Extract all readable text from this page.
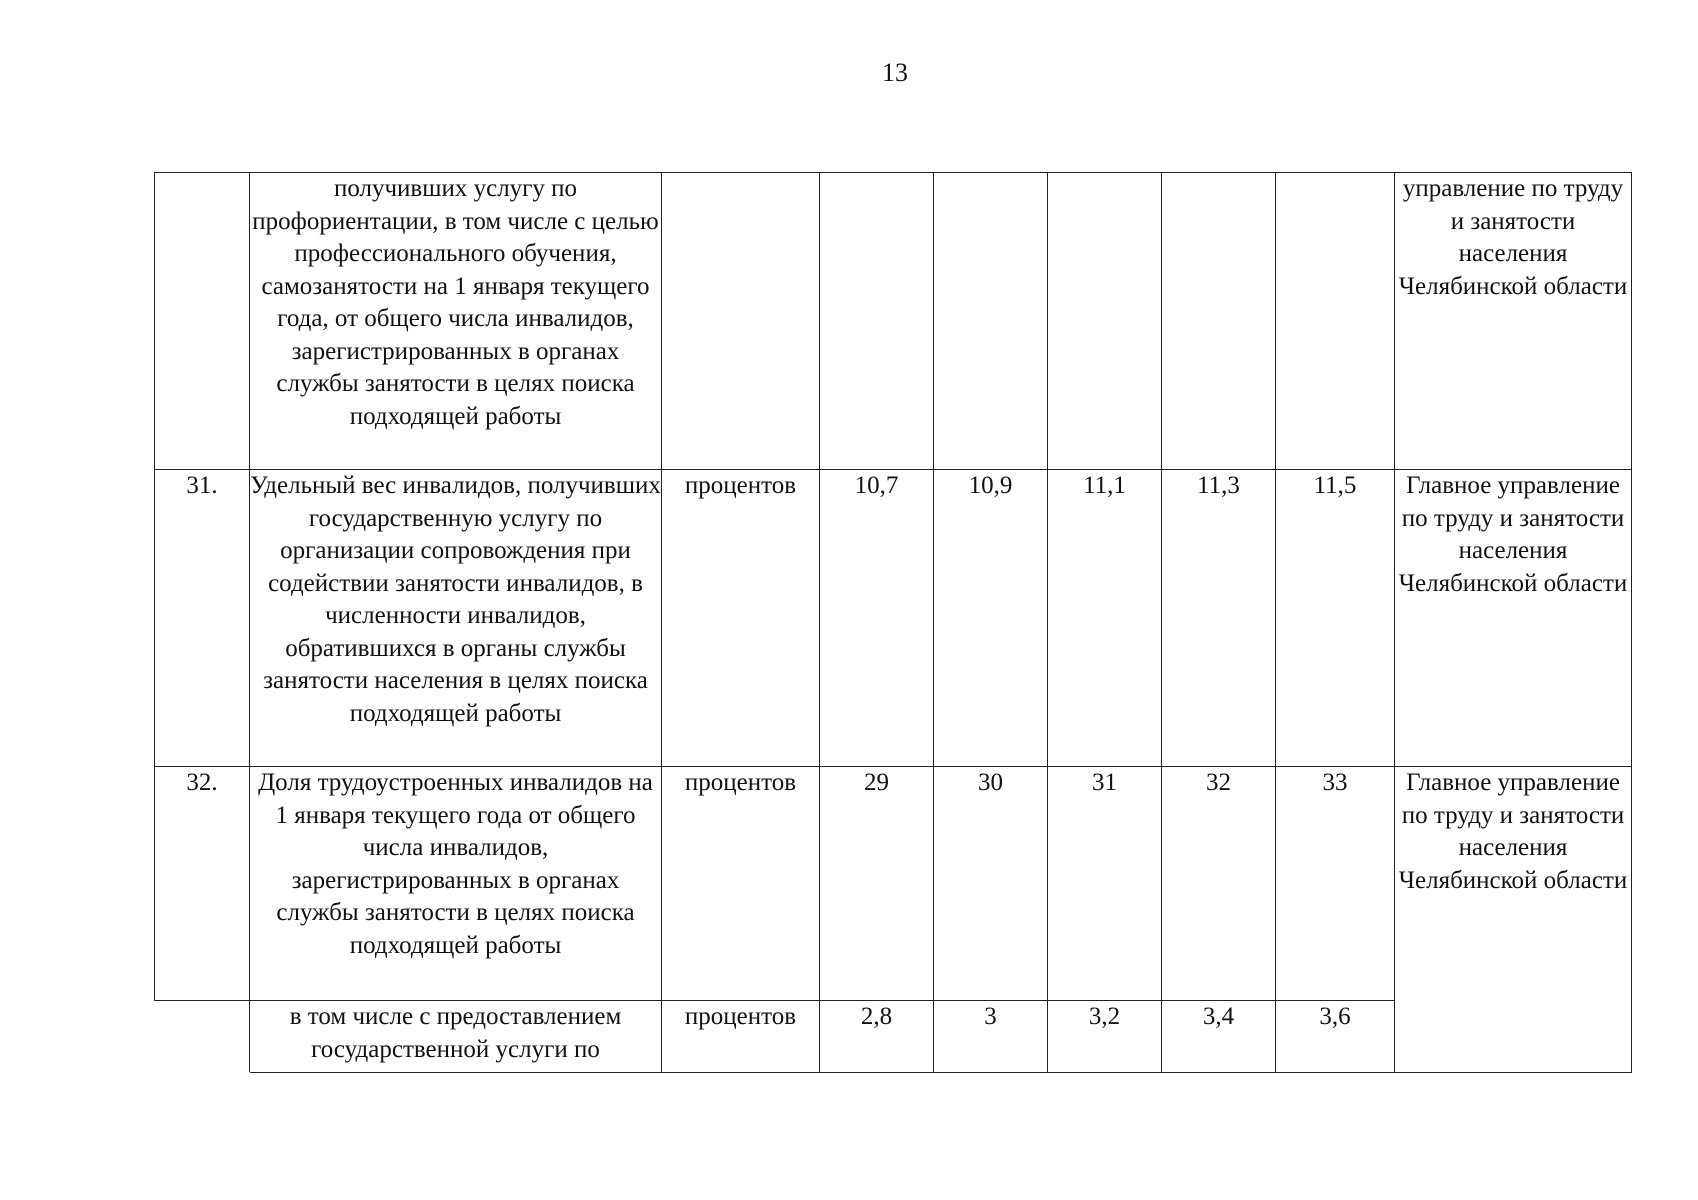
13
	получивших услугу по профориентации, в том числе с целью профессионального обучения, самозанятости на 1 января текущего года, от общего числа инвалидов, зарегистрированных в органах службы занятости в целях поиска подходящей работы							управление по труду и занятости населения Челябинской области
31.	Удельный вес инвалидов, получивших государственную услугу по организации сопровождения при содействии занятости инвалидов, в численности инвалидов, обратившихся в органы службы занятости населения в целях поиска подходящей работы	процентов	10,7	10,9	11,1	11,3	11,5	Главное управление по труду и занятости населения Челябинской области
32.	Доля трудоустроенных инвалидов на 1 января текущего года от общего числа инвалидов, зарегистрированных в органах службы занятости в целях поиска подходящей работы	процентов	29	30	31	32	33	Главное управление по труду и занятости населения Челябинской области
	в том числе с предоставлением государственной услуги по	процентов	2,8	3	3,2	3,4	3,6	
